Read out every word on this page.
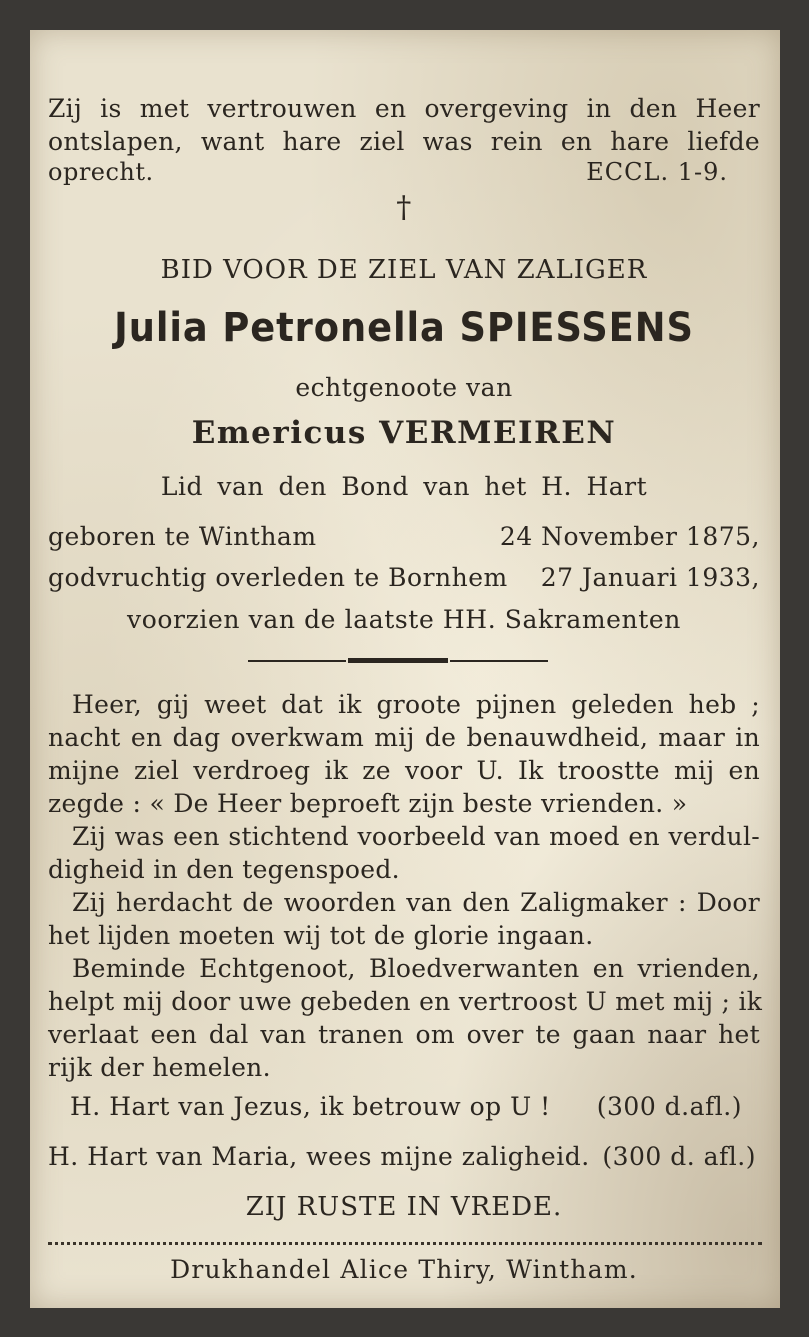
Zij is met vertrouwen en overgeving in den Heer
ontslapen, want hare ziel was rein en hare liefde
oprecht.	ECCL. 1-9.
†
BID VOOR DE ZIEL VAN ZALIGER
Julia Petronella SPIESSENS
echtgenoote van
Emericus VERMEIREN
Lid van den Bond van het H. Hart
geboren te Wintham	24 November 1875,
godvruchtig overleden te Bornhem 27 Januari 1933,
voorzien van de laatste HH. Sakramenten
Heer, gij weet dat ik groote pijnen geleden heb ;
nacht en dag overkwam mij de benauwdheid, maar in
mijne ziel verdroeg ik ze voor U. Ik troostte mij en
zegde : « De Heer beproeft zijn beste vrienden. »
Zij was een stichtend voorbeeld van moed en verdul-
digheid in den tegenspoed.
Zij herdacht de woorden van den Zaligmaker : Door
het lijden moeten wij tot de glorie ingaan.
Beminde Echtgenoot, Bloedverwanten en vrienden,
helpt mij door uwe gebeden en vertroost U met mij ; ik
verlaat een dal van tranen om over te gaan naar het
rijk der hemelen.
H. Hart van Jezus, ik betrouw op U ! (300 d.afl.)
H. Hart van Maria, wees mijne zaligheid. (300 d. afl.)
ZIJ RUSTE IN VREDE.
Drukhandel Alice Thiry, Wintham.
